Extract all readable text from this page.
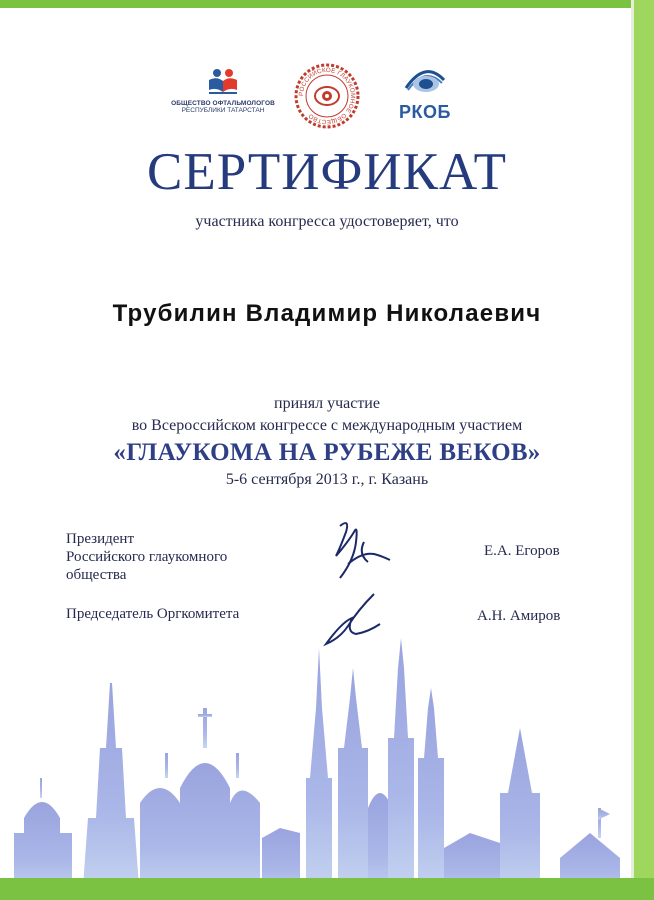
ОБЩЕСТВО ОФТАЛЬМОЛОГОВ
РЕСПУБЛИКИ ТАТАРСТАН
РОССИЙСКОЕ ГЛАУКОМНОЕ ОБЩЕСТВО	РКОБ
СЕРТИФИКАТ
участника конгресса удостоверяет, что
Трубилин Владимир Николаевич
принял участие
во Всероссийском конгрессе с международным участием
«ГЛАУКОМА НА РУБЕЖЕ ВЕКОВ»
5-6 сентября 2013 г., г. Казань
Президент
Российского глаукомного
общества
Е.А. Егоров
Председатель Оргкомитета	А.Н. Амиров
